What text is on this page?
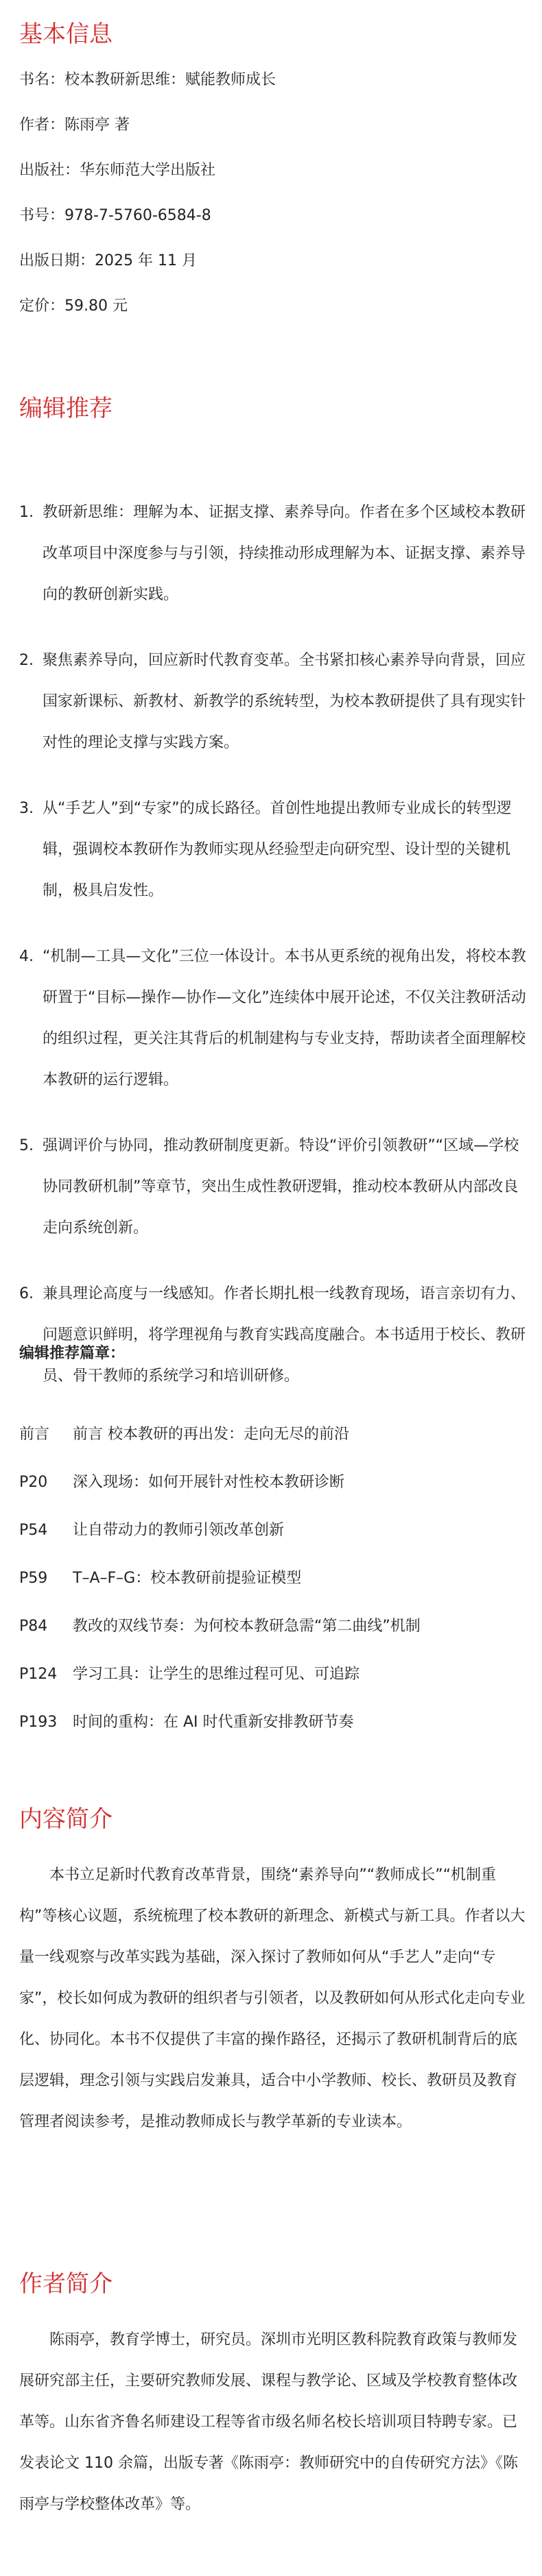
基本信息

书名：校本教研新思维：赋能教师成长

作者：陈雨亭 著

出版社：华东师范大学出版社

书号：978-7-5760-6584-8

出版日期：2025 年 11 月

定价：59.80 元

编辑推荐
1. 教研新思维：理解为本、证据支撑、素养导向。作者在多个区域校本教研改革项目中深度参与与引领，持续推动形成理解为本、证据支撑、素养导向的教研创新实践。
2. 聚焦素养导向，回应新时代教育变革。全书紧扣核心素养导向背景，回应国家新课标、新教材、新教学的系统转型，为校本教研提供了具有现实针对性的理论支撑与实践方案。
3. 从“手艺人”到“专家”的成长路径。首创性地提出教师专业成长的转型逻辑，强调校本教研作为教师实现从经验型走向研究型、设计型的关键机制，极具启发性。
4. “机制—工具—文化”三位一体设计。本书从更系统的视角出发，将校本教研置于“目标—操作—协作—文化”连续体中展开论述，不仅关注教研活动的组织过程，更关注其背后的机制建构与专业支持，帮助读者全面理解校本教研的运行逻辑。
5. 强调评价与协同，推动教研制度更新。特设“评价引领教研”“区域—学校协同教研机制”等章节，突出生成性教研逻辑，推动校本教研从内部改良走向系统创新。
6. 兼具理论高度与一线感知。作者长期扎根一线教育现场，语言亲切有力、问题意识鲜明，将学理视角与教育实践高度融合。本书适用于校长、教研员、骨干教师的系统学习和培训研修。

编辑推荐篇章：

前言	前言 校本教研的再出发：走向无尽的前沿
P20	深入现场：如何开展针对性校本教研诊断
P54	让自带动力的教师引领改革创新
P59	T–A–F–G：校本教研前提验证模型
P84	教改的双线节奏：为何校本教研急需“第二曲线”机制
P124	学习工具：让学生的思维过程可见、可追踪
P193	时间的重构：在 AI 时代重新安排教研节奏
内容简介

本书立足新时代教育改革背景，围绕“素养导向”“教师成长”“机制重构”等核心议题，系统梳理了校本教研的新理念、新模式与新工具。作者以大量一线观察与改革实践为基础，深入探讨了教师如何从“手艺人”走向“专家”，校长如何成为教研的组织者与引领者，以及教研如何从形式化走向专业化、协同化。本书不仅提供了丰富的操作路径，还揭示了教研机制背后的底层逻辑，理念引领与实践启发兼具，适合中小学教师、校长、教研员及教育管理者阅读参考，是推动教师成长与教学革新的专业读本。

作者简介

陈雨亭，教育学博士，研究员。深圳市光明区教科院教育政策与教师发展研究部主任，主要研究教师发展、课程与教学论、区域及学校教育整体改革等。山东省齐鲁名师建设工程等省市级名师名校长培训项目特聘专家。已发表论文 110 余篇，出版专著《陈雨亭：教师研究中的自传研究方法》《陈雨亭与学校整体改革》等。
